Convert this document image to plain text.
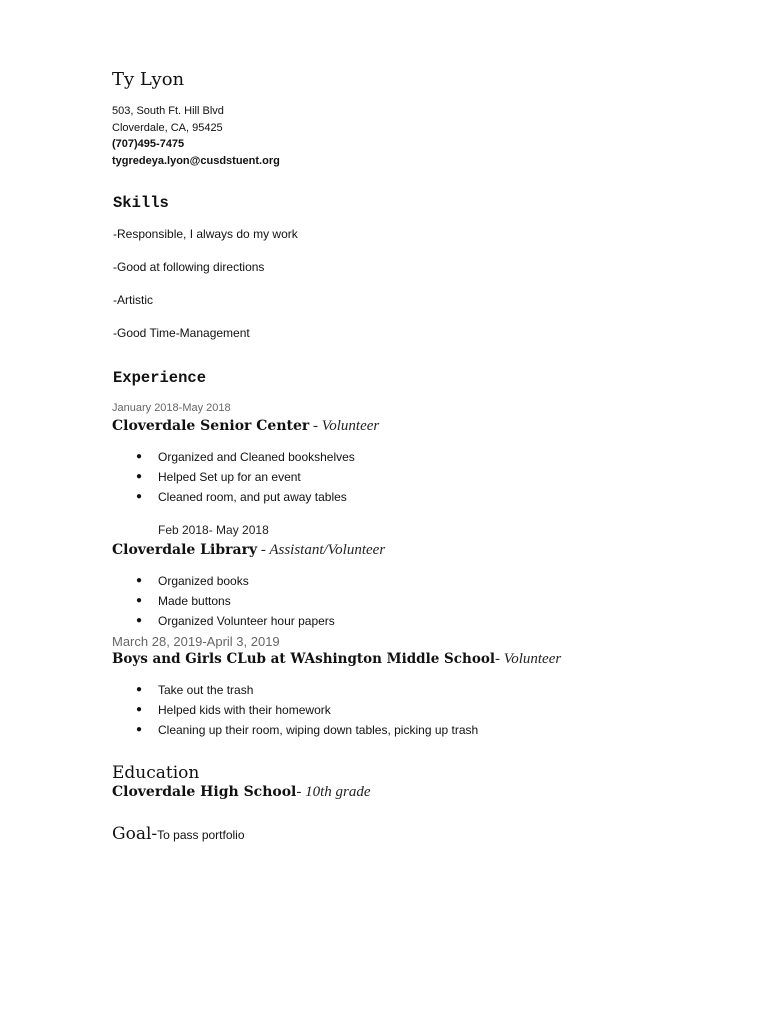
Ty Lyon
503, South Ft. Hill Blvd
Cloverdale, CA, 95425
(707)495-7475
tygredeya.lyon@cusdstuent.org
Skills
-Responsible, I always do my work
-Good at following directions
-Artistic
-Good Time-Management
Experience
January 2018-May 2018
Cloverdale Senior Center - Volunteer
● Organized and Cleaned bookshelves
● Helped Set up for an event
● Cleaned room, and put away tables
Feb 2018- May 2018
Cloverdale Library - Assistant/Volunteer
● Organized books
● Made buttons
● Organized Volunteer hour papers
March 28, 2019-April 3, 2019
Boys and Girls CLub at WAshington Middle School- Volunteer
● Take out the trash
● Helped kids with their homework
● Cleaning up their room, wiping down tables, picking up trash
Education
Cloverdale High School- 10th grade
Goal-To pass portfolio
